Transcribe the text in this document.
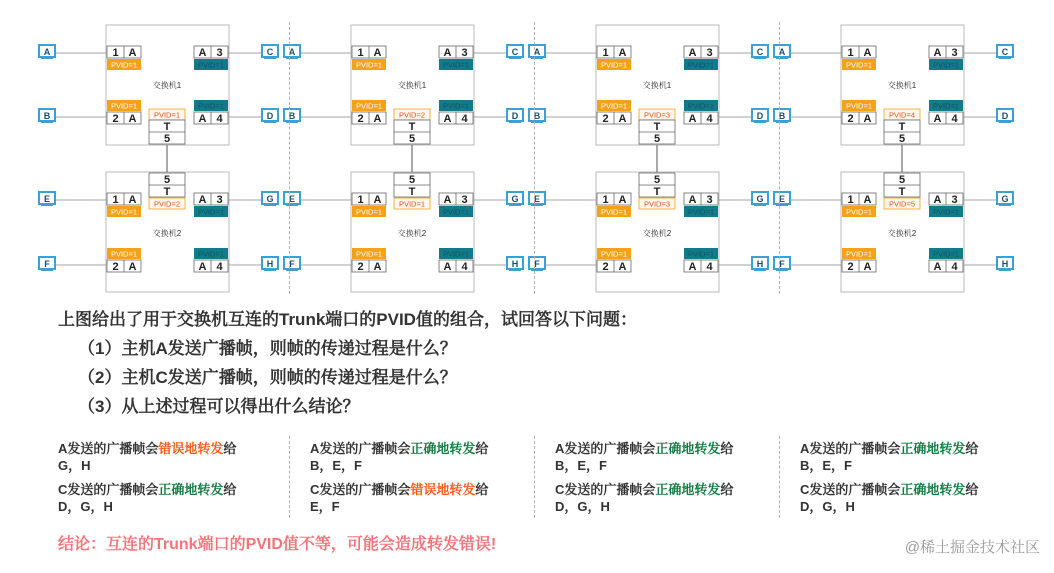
交换机1
交换机2
A
B
C
D
E
F
G
H
1 A
PVID=1
A 3
PVID=1
PVID=1
2 A
PVID=1
A 4
PVID=1
T
5
5
T
PVID=2
1 A
PVID=1
A 3
PVID=1
PVID=1
2 A
PVID=1
A 4
交换机1
交换机2
A
B
C
D
E
F
G
H
1 A
PVID=1
A 3
PVID=1
PVID=1
2 A
PVID=1
A 4
PVID=2
T
5
5
T
PVID=1
1 A
PVID=1
A 3
PVID=1
PVID=1
2 A
PVID=1
A 4
交换机1
交换机2
A
B
C
D
E
F
G
H
1 A
PVID=1
A 3
PVID=1
PVID=1
2 A
PVID=1
A 4
PVID=3
T
5
5
T
PVID=3
1 A
PVID=1
A 3
PVID=1
PVID=1
2 A
PVID=1
A 4
交换机1
交换机2
A
B
C
D
E
F
G
H
1 A
PVID=1
A 3
PVID=1
PVID=1
2 A
PVID=1
A 4
PVID=4
T
5
5
T
PVID=5
1 A
PVID=1
A 3
PVID=1
PVID=1
2 A
PVID=1
A 4
上图给出了用于交换机互连的Trunk端口的PVID值的组合，试回答以下问题：
（1）主机A发送广播帧，则帧的传递过程是什么？
（2）主机C发送广播帧，则帧的传递过程是什么？
（3）从上述过程可以得出什么结论？
A发送的广播帧会错误地转发给
G，H
C发送的广播帧会正确地转发给
D，G，H
A发送的广播帧会正确地转发给
B，E，F
C发送的广播帧会错误地转发给
E，F
A发送的广播帧会正确地转发给
B，E，F
C发送的广播帧会正确地转发给
D，G，H
A发送的广播帧会正确地转发给
B，E，F
C发送的广播帧会正确地转发给
D，G，H
结论：互连的Trunk端口的PVID值不等，可能会造成转发错误!	@稀土掘金技术社区
